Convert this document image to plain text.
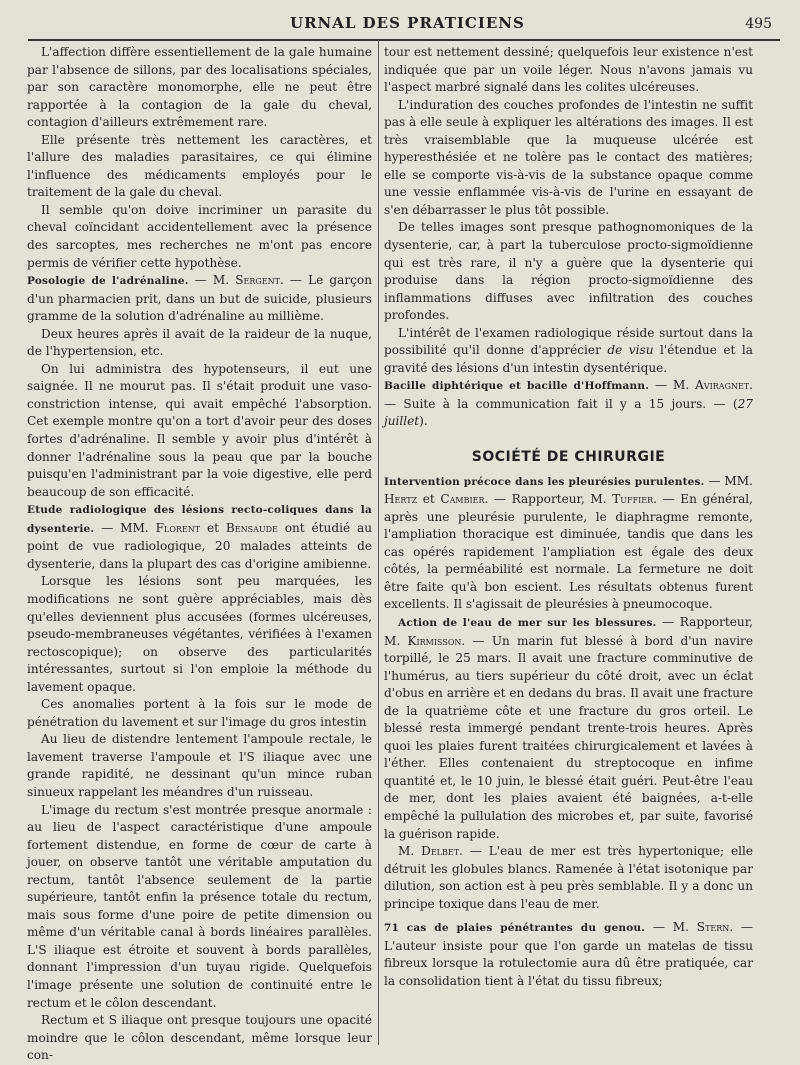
URNAL DES PRATICIENS	495

L'affection diffère essentiellement de la gale humaine par l'absence de sillons, par des localisations spéciales, par son caractère monomorphe, elle ne peut être rapportée à la contagion de la gale du cheval, contagion d'ailleurs extrêmement rare.

Elle présente très nettement les caractères, et l'allure des maladies parasitaires, ce qui élimine l'influence des médicaments employés pour le traitement de la gale du cheval.

Il semble qu'on doive incriminer un parasite du cheval coïncidant accidentellement avec la présence des sarcoptes, mes recherches ne m'ont pas encore permis de vérifier cette hypothèse.

Posologie de l'adrénaline. — M. Sergent. — Le garçon d'un pharmacien prit, dans un but de suicide, plusieurs gramme de la solution d'adrénaline au millième.

Deux heures après il avait de la raideur de la nuque, de l'hypertension, etc.

On lui administra des hypotenseurs, il eut une saignée. Il ne mourut pas. Il s'était produit une vaso-constriction intense, qui avait empêché l'absorption. Cet exemple montre qu'on a tort d'avoir peur des doses fortes d'adrénaline. Il semble y avoir plus d'intérêt à donner l'adrénaline sous la peau que par la bouche puisqu'en l'administrant par la voie digestive, elle perd beaucoup de son efficacité.

Etude radiologique des lésions recto-coliques dans la dysenterie. — MM. Florent et Bensaude ont étudié au point de vue radiologique, 20 malades atteints de dysenterie, dans la plupart des cas d'origine amibienne.

Lorsque les lésions sont peu marquées, les modifications ne sont guère appréciables, mais dès qu'elles deviennent plus accusées (formes ulcéreuses, pseudo-membraneuses végétantes, vérifiées à l'examen rectoscopique); on observe des particularités intéressantes, surtout si l'on emploie la méthode du lavement opaque.

Ces anomalies portent à la fois sur le mode de pénétration du lavement et sur l'image du gros intestin

Au lieu de distendre lentement l'ampoule rectale, le lavement traverse l'ampoule et l'S iliaque avec une grande rapidité, ne dessinant qu'un mince ruban sinueux rappelant les méandres d'un ruisseau.

L'image du rectum s'est montrée presque anormale : au lieu de l'aspect caractéristique d'une ampoule fortement distendue, en forme de cœur de carte à jouer, on observe tantôt une véritable amputation du rectum, tantôt l'absence seulement de la partie supérieure, tantôt enfin la présence totale du rectum, mais sous forme d'une poire de petite dimension ou même d'un véritable canal à bords linéaires parallèles. L'S iliaque est étroite et souvent à bords parallèles, donnant l'impression d'un tuyau rigide. Quelquefois l'image présente une solution de continuité entre le rectum et le côlon descendant.

Rectum et S iliaque ont presque toujours une opacité moindre que le côlon descendant, même lorsque leur con-

tour est nettement dessiné; quelquefois leur existence n'est indiquée que par un voile léger. Nous n'avons jamais vu l'aspect marbré signalé dans les colites ulcéreuses.

L'induration des couches profondes de l'intestin ne suffit pas à elle seule à expliquer les altérations des images. Il est très vraisemblable que la muqueuse ulcérée est hyperesthésiée et ne tolère pas le contact des matières; elle se comporte vis-à-vis de la substance opaque comme une vessie enflammée vis-à-vis de l'urine en essayant de s'en débarrasser le plus tôt possible.

De telles images sont presque pathognomoniques de la dysenterie, car, à part la tuberculose procto-sigmoïdienne qui est très rare, il n'y a guère que la dysenterie qui produise dans la région procto-sigmoïdienne des inflammations diffuses avec infiltration des couches profondes.

L'intérêt de l'examen radiologique réside surtout dans la possibilité qu'il donne d'apprécier de visu l'étendue et la gravité des lésions d'un intestin dysentérique.

Bacille diphtérique et bacille d'Hoffmann. — M. Aviragnet. — Suite à la communication fait il y a 15 jours. — (27 juillet).

SOCIÉTÉ DE CHIRURGIE

Intervention précoce dans les pleurésies purulentes. — MM. Hertz et Cambier. — Rapporteur, M. Tuffier. — En général, après une pleurésie purulente, le diaphragme remonte, l'ampliation thoracique est diminuée, tandis que dans les cas opérés rapidement l'ampliation est égale des deux côtés, la perméabilité est normale. La fermeture ne doit être faite qu'à bon escient. Les résultats obtenus furent excellents. Il s'agissait de pleurésies à pneumocoque.

Action de l'eau de mer sur les blessures. — Rapporteur, M. Kirmisson. — Un marin fut blessé à bord d'un navire torpillé, le 25 mars. Il avait une fracture comminutive de l'humérus, au tiers supérieur du côté droit, avec un éclat d'obus en arrière et en dedans du bras. Il avait une fracture de la quatrième côte et une fracture du gros orteil. Le blessé resta immergé pendant trente-trois heures. Après quoi les plaies furent traitées chirurgicalement et lavées à l'éther. Elles contenaient du streptocoque en infime quantité et, le 10 juin, le blessé était guéri. Peut-être l'eau de mer, dont les plaies avaient été baignées, a-t-elle empêché la pullulation des microbes et, par suite, favorisé la guérison rapide.

M. Delbet. — L'eau de mer est très hypertonique; elle détruit les globules blancs. Ramenée à l'état isotonique par dilution, son action est à peu près semblable. Il y a donc un principe toxique dans l'eau de mer.

71 cas de plaies pénétrantes du genou. — M. Stern. — L'auteur insiste pour que l'on garde un matelas de tissu fibreux lorsque la rotulectomie aura dû être pratiquée, car la consolidation tient à l'état du tissu fibreux;
